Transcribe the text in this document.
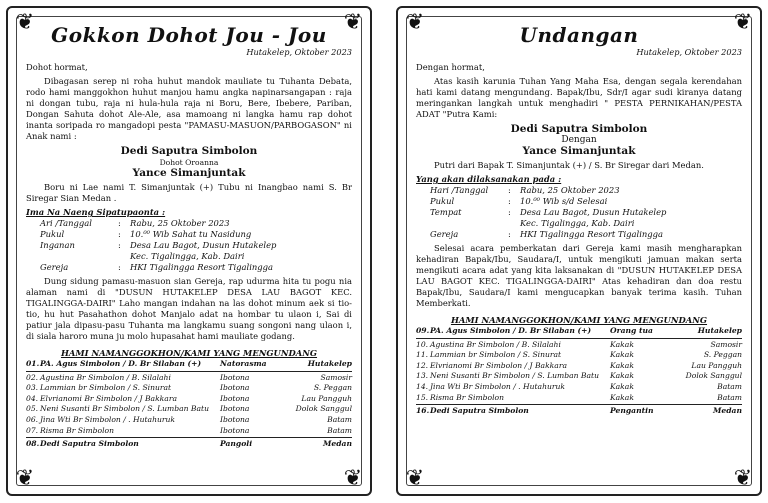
❦	❦
❦	❦
Gokkon Dohot Jou - Jou
Hutakelep, Oktober 2023

Dohot hormat,

Dibagasan serep ni roha huhut mandok mauliate tu Tuhanta Debata, rodo hami manggokhon huhut manjou hamu angka napinarsangapan : raja ni dongan tubu, raja ni hula-hula raja ni Boru, Bere, Ibebere, Pariban, Dongan Sahuta dohot Ale-Ale, asa mamoang ni langka hamu rap dohot inanta soripada ro mangadopi pesta "PAMASU-MASUON/PARBOGASON" ni Anak nami :

Dedi Saputra Simbolon
Dohot Oroanna
Yance Simanjuntak

Boru ni Lae nami T. Simanjuntak (+) Tubu ni Inangbao nami S. Br Siregar Sian Medan .

Ima Na Naeng Sipatupaonta :
Ari /Tanggal	:	Rabu, 25 Oktober 2023
Pukul	:	10.⁰⁰ Wib Sahat tu Nasidung
Inganan	:	Desa Lau Bagot, Dusun Hutakelep
Kec. Tigalingga, Kab. Dairi
Gereja	:	HKI Tigalingga Resort Tigalingga

Dung sidung pamasu-masuon sian Gereja, rap udurma hita tu pogu nia alaman nami di "DUSUN HUTAKELEP DESA LAU BAGOT KEC. TIGALINGGA-DAIRI" Laho mangan indahan na las dohot minum aek si tio-tio, hu hut Pasahathon dohot Manjalo adat na hombar tu ulaon i, Sai di patiur jala dipasu-pasu Tuhanta ma langkamu suang songoni nang ulaon i, di siala haroro muna ju molo hupasahat hami mauliate godang.

HAMI NAMANGGOKHON/KAMI YANG MENGUNDANG
01.	PA. Agus Simbolon / D. Br Silaban (+)	Natorasma	Hutakelep

02.	Agustina Br Simbolon / B. Silalahi	Ibotona	Samosir
03.	Lammian br Simbolon / S. Sinurat	Ibotona	S. Peggan
04.	Elvrianomi Br Simbolon / J Bakkara	Ibotona	Lau Pangguh
05.	Neni Susanti Br Simbolon / S. Lumban Batu	Ibotona	Dolok Sanggul
06.	Jina Wti Br Simbolon / . Hutahuruk	Ibotona	Batam
07.	Risma Br Simbolon	Ibotona	Batam

08.	Dedi Saputra Simbolon	Pangoli	Medan
❦	❦
❦	❦
Undangan
Hutakelep, Oktober 2023

Dengan hormat,

Atas kasih karunia Tuhan Yang Maha Esa, dengan segala kerendahan hati kami datang mengundang. Bapak/Ibu, Sdr/I agar sudi kiranya datang meringankan langkah untuk menghadiri " PESTA PERNIKAHAN/PESTA ADAT "Putra Kami:

Dedi Saputra Simbolon
Dengan
Yance Simanjuntak

Putri dari Bapak T. Simanjuntak (+) / S. Br Siregar dari Medan.

Yang akan dilaksanakan pada :
Hari /Tanggal	:	Rabu, 25 Oktober 2023
Pukul	:	10.⁰⁰ Wib s/d Selesai
Tempat	:	Desa Lau Bagot, Dusun Hutakelep
Kec. Tigalingga, Kab. Dairi
Gereja	:	HKI Tigalingga Resort Tigalingga

Selesai acara pemberkatan dari Gereja kami masih mengharapkan kehadiran Bapak/Ibu, Saudara/I, untuk mengikuti jamuan makan serta mengikuti acara adat yang kita laksanakan di "DUSUN HUTAKELEP DESA LAU BAGOT KEC. TIGALINGGA-DAIRI" Atas kehadiran dan doa restu Bapak/Ibu, Saudara/I kami mengucapkan banyak terima kasih. Tuhan Memberkati.

HAMI NAMANGGOKHON/KAMI YANG MENGUNDANG
09.	PA. Agus Simbolon / D. Br Silaban (+)	Orang tua	Hutakelep

10.	Agustina Br Simbolon / B. Silalahi	Kakak	Samosir
11.	Lammian br Simbolon / S. Sinurat	Kakak	S. Peggan
12.	Elvrianomi Br Simbolon / J Bakkara	Kakak	Lau Pangguh
13.	Neni Susanti Br Simbolon / S. Lumban Batu	Kakak	Dolok Sanggul
14.	Jina Wti Br Simbolon / . Hutahuruk	Kakak	Batam
15.	Risma Br Simbolon	Kakak	Batam

16.	Dedi Saputra Simbolon	Pengantin	Medan
